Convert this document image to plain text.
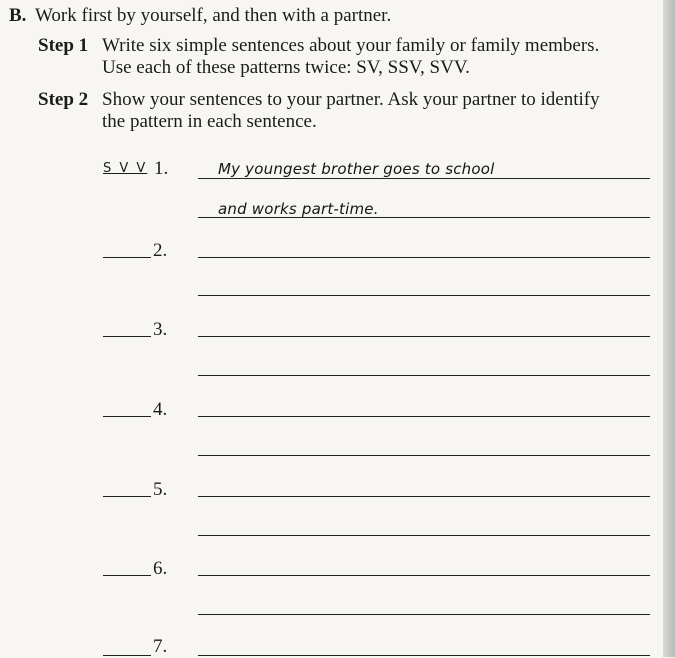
B. Work first by yourself, and then with a partner.
Step 1 Write six simple sentences about your family or family members.
Use each of these patterns twice: SV, SSV, SVV.
Step 2 Show your sentences to your partner. Ask your partner to identify
the pattern in each sentence.
S V V 1.	My youngest brother goes to school
and works part-time.
2.
3.
4.
5.
6.
7.
